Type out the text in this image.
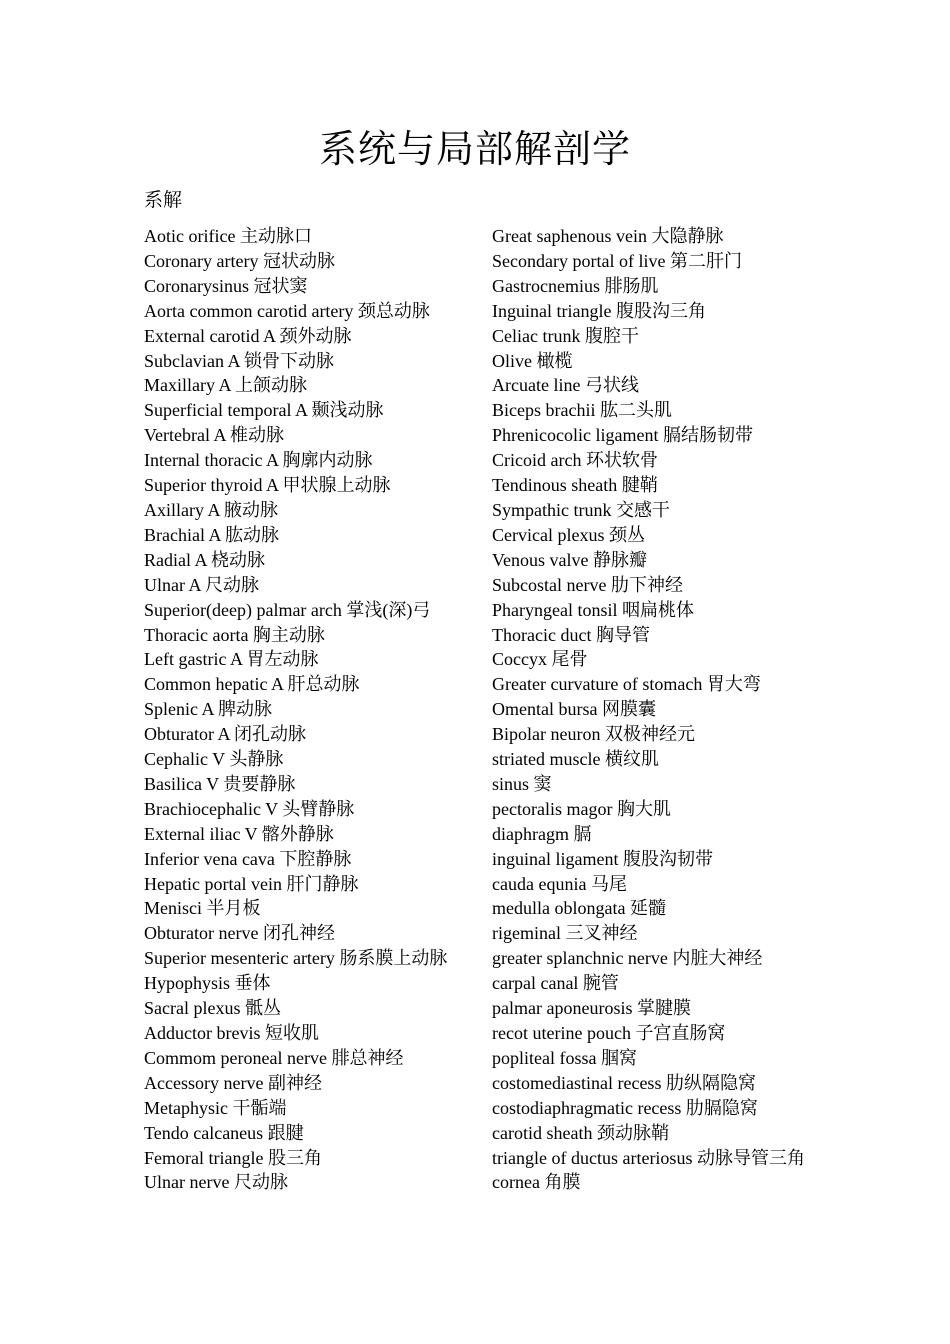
系统与局部解剖学
系解
Aotic orifice 主动脉口
Coronary artery 冠状动脉
Coronarysinus 冠状窦
Aorta common carotid artery 颈总动脉
External carotid A 颈外动脉
Subclavian A 锁骨下动脉
Maxillary A 上颌动脉
Superficial temporal A 颞浅动脉
Vertebral A 椎动脉
Internal thoracic A 胸廓内动脉
Superior thyroid A 甲状腺上动脉
Axillary A 腋动脉
Brachial A 肱动脉
Radial A 桡动脉
Ulnar A 尺动脉
Superior(deep) palmar arch 掌浅(深)弓
Thoracic aorta 胸主动脉
Left gastric A 胃左动脉
Common hepatic A 肝总动脉
Splenic A 脾动脉
Obturator A 闭孔动脉
Cephalic V 头静脉
Basilica V 贵要静脉
Brachiocephalic V 头臂静脉
External iliac V 髂外静脉
Inferior vena cava 下腔静脉
Hepatic portal vein 肝门静脉
Menisci 半月板
Obturator nerve 闭孔神经
Superior mesenteric artery 肠系膜上动脉
Hypophysis 垂体
Sacral plexus 骶丛
Adductor brevis 短收肌
Commom peroneal nerve 腓总神经
Accessory nerve 副神经
Metaphysic 干骺端
Tendo calcaneus 跟腱
Femoral triangle 股三角
Ulnar nerve 尺动脉
Great saphenous vein 大隐静脉
Secondary portal of live 第二肝门
Gastrocnemius 腓肠肌
Inguinal triangle 腹股沟三角
Celiac trunk 腹腔干
Olive 橄榄
Arcuate line 弓状线
Biceps brachii 肱二头肌
Phrenicocolic ligament 膈结肠韧带
Cricoid arch 环状软骨
Tendinous sheath 腱鞘
Sympathic trunk 交感干
Cervical plexus 颈丛
Venous valve 静脉瓣
Subcostal nerve 肋下神经
Pharyngeal tonsil 咽扁桃体
Thoracic duct 胸导管
Coccyx 尾骨
Greater curvature of stomach 胃大弯
Omental bursa 网膜囊
Bipolar neuron 双极神经元
striated muscle 横纹肌
sinus 窦
pectoralis magor 胸大肌
diaphragm 膈
inguinal ligament 腹股沟韧带
cauda equnia 马尾
medulla oblongata 延髓
rigeminal 三叉神经
greater splanchnic nerve 内脏大神经
carpal canal 腕管
palmar aponeurosis 掌腱膜
recot uterine pouch 子宫直肠窝
popliteal fossa 腘窝
costomediastinal recess 肋纵隔隐窝
costodiaphragmatic recess 肋膈隐窝
carotid sheath 颈动脉鞘
triangle of ductus arteriosus 动脉导管三角
cornea 角膜
